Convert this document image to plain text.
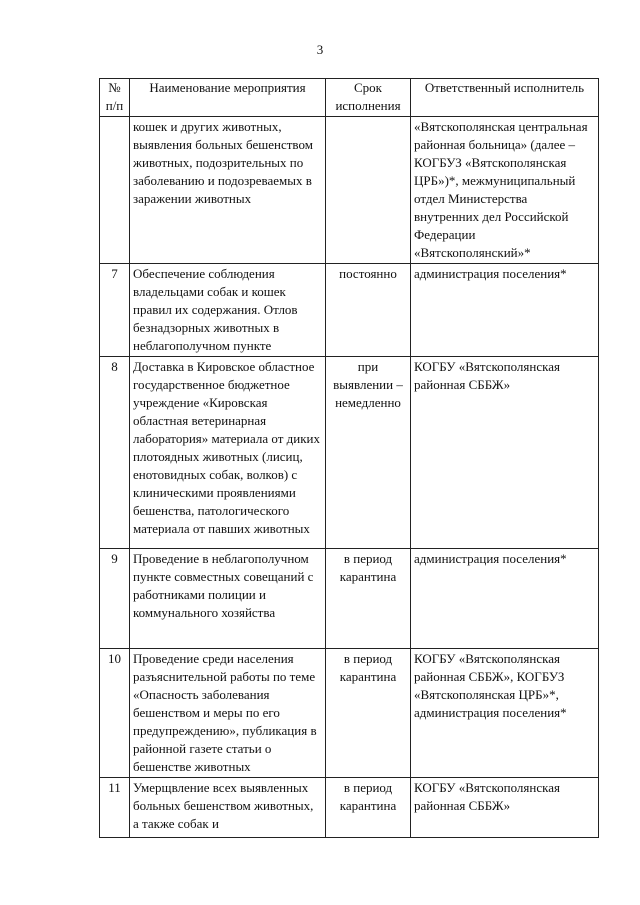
3
№ п/п	Наименование мероприятия	Срок исполнения	Ответственный исполнитель
	кошек и других животных, выявления больных бешенством животных, подозрительных по заболеванию и подозреваемых в заражении животных		«Вятскополянская центральная районная больница» (далее – КОГБУЗ «Вятскополянская ЦРБ»)*, межмуниципальный отдел Министерства внутренних дел Российской Федерации «Вятскополянский»*
7	Обеспечение соблюдения владельцами собак и кошек правил их содержания. Отлов безнадзорных животных в неблагополучном пункте	постоянно	администрация поселения*
8	Доставка в Кировское областное государственное бюджетное учреждение «Кировская областная ветеринарная лаборатория» материала от диких плотоядных животных (лисиц, енотовидных собак, волков) с клиническими проявлениями бешенства, патологического материала от павших животных	при выявлении – немедленно	КОГБУ «Вятскополянская районная СББЖ»
9	Проведение в неблагополучном пункте совместных совещаний с работниками полиции и коммунального хозяйства	в период карантина	администрация поселения*
10	Проведение среди населения разъяснительной работы по теме «Опасность заболевания бешенством и меры по его предупреждению», публикация в районной газете статьи о бешенстве животных	в период карантина	КОГБУ «Вятскополянская районная СББЖ», КОГБУЗ «Вятскополянская ЦРБ»*, администрация поселения*
11	Умерщвление всех выявленных больных бешенством животных, а также собак и	в период карантина	КОГБУ «Вятскополянская районная СББЖ»
